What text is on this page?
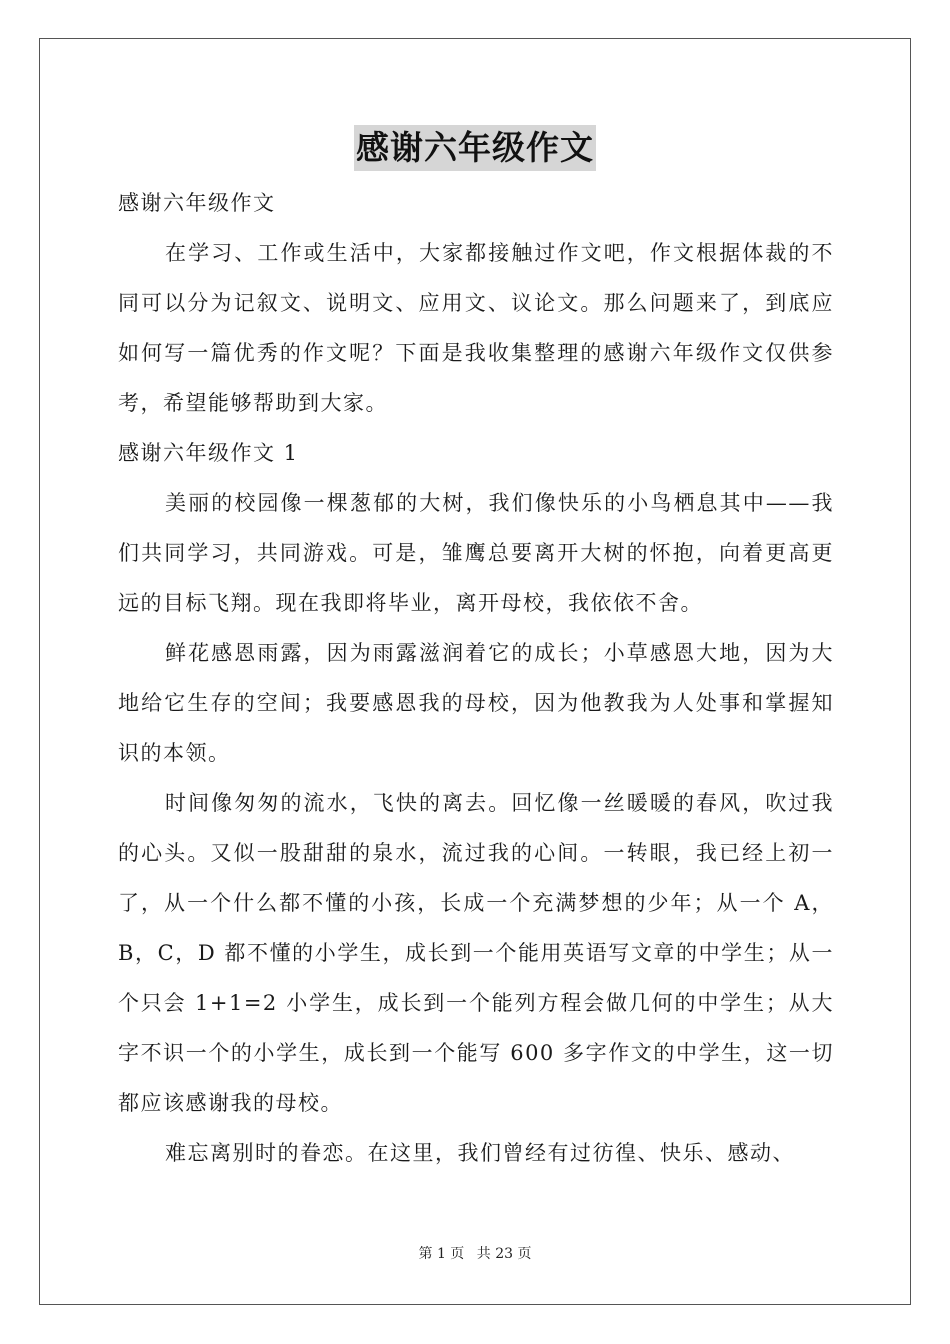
感谢六年级作文

感谢六年级作文

在学习、工作或生活中，大家都接触过作文吧，作文根据体裁的不同可以分为记叙文、说明文、应用文、议论文。那么问题来了，到底应如何写一篇优秀的作文呢？下面是我收集整理的感谢六年级作文仅供参考，希望能够帮助到大家。

感谢六年级作文 1

美丽的校园像一棵葱郁的大树，我们像快乐的小鸟栖息其中——我们共同学习，共同游戏。可是，雏鹰总要离开大树的怀抱，向着更高更远的目标飞翔。现在我即将毕业，离开母校，我依依不舍。

鲜花感恩雨露，因为雨露滋润着它的成长；小草感恩大地，因为大地给它生存的空间；我要感恩我的母校，因为他教我为人处事和掌握知识的本领。

时间像匆匆的流水，飞快的离去。回忆像一丝暖暖的春风，吹过我的心头。又似一股甜甜的泉水，流过我的心间。一转眼，我已经上初一了，从一个什么都不懂的小孩，长成一个充满梦想的少年；从一个 A，B，C，D 都不懂的小学生，成长到一个能用英语写文章的中学生；从一个只会 1+1=2 小学生，成长到一个能列方程会做几何的中学生；从大字不识一个的小学生，成长到一个能写 600 多字作文的中学生，这一切都应该感谢我的母校。

难忘离别时的眷恋。在这里，我们曾经有过彷徨、快乐、感动、

第 1 页 共 23 页
